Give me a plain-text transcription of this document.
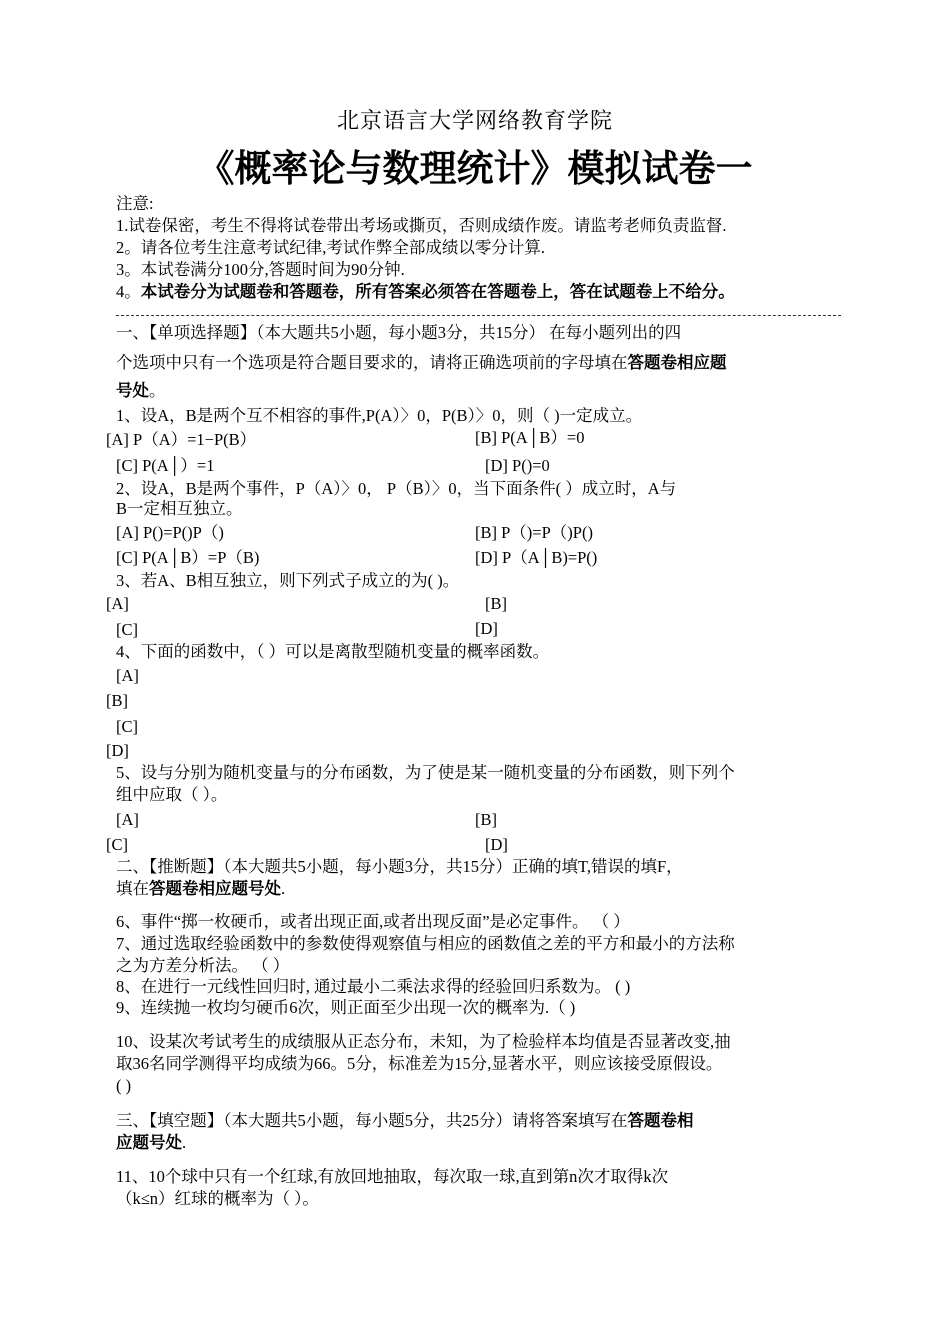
北京语言大学网络教育学院
《概率论与数理统计》模拟试卷一
注意:
1.试卷保密，考生不得将试卷带出考场或撕页，否则成绩作废。请监考老师负责监督.
2。请各位考生注意考试纪律,考试作弊全部成绩以零分计算.
3。本试卷满分100分,答题时间为90分钟.
4。本试卷分为试题卷和答题卷，所有答案必须答在答题卷上，答在试题卷上不给分。
一、【单项选择题】（本大题共5小题，每小题3分，共15分） 在每小题列出的四
个选项中只有一个选项是符合题目要求的，请将正确选项前的字母填在答题卷相应题
号处。
1、设A，B是两个互不相容的事件,P(A）〉0，P(B）〉0，则（ )一定成立。
[A] P（A）=1−P(B）	[B] P(A│B）=0
[C] P(A│）=1	[D] P()=0
2、设A，B是两个事件，P（A）〉0， P（B）〉0，当下面条件( ）成立时，A与
B一定相互独立。
[A] P()=P()P（)	[B] P（)=P（)P()
[C] P(A│B）=P（B)	[D] P（A│B)=P()
3、若A、B相互独立，则下列式子成立的为( )。
[A]	[B]
[C]	[D]
4、下面的函数中，（ ）可以是离散型随机变量的概率函数。
[A]
[B]
[C]
[D]
5、设与分别为随机变量与的分布函数，为了使是某一随机变量的分布函数，则下列个
组中应取（ ）。
[A]	[B]
[C]	[D]
二、【推断题】（本大题共5小题，每小题3分，共15分）正确的填T,错误的填F，
填在答题卷相应题号处.
6、事件“掷一枚硬币，或者出现正面,或者出现反面”是必定事件。 （ ）
7、通过选取经验函数中的参数使得观察值与相应的函数值之差的平方和最小的方法称
之为方差分析法。 （ ）
8、在进行一元线性回归时, 通过最小二乘法求得的经验回归系数为。 ( )
9、连续抛一枚均匀硬币6次，则正面至少出现一次的概率为.（ )
10、设某次考试考生的成绩服从正态分布，未知，为了检验样本均值是否显著改变,抽
取36名同学测得平均成绩为66。5分，标准差为15分,显著水平，则应该接受原假设。
( )
三、【填空题】（本大题共5小题，每小题5分，共25分）请将答案填写在答题卷相
应题号处.
11、10个球中只有一个红球,有放回地抽取，每次取一球,直到第n次才取得k次
（k≤n）红球的概率为（ ）。
